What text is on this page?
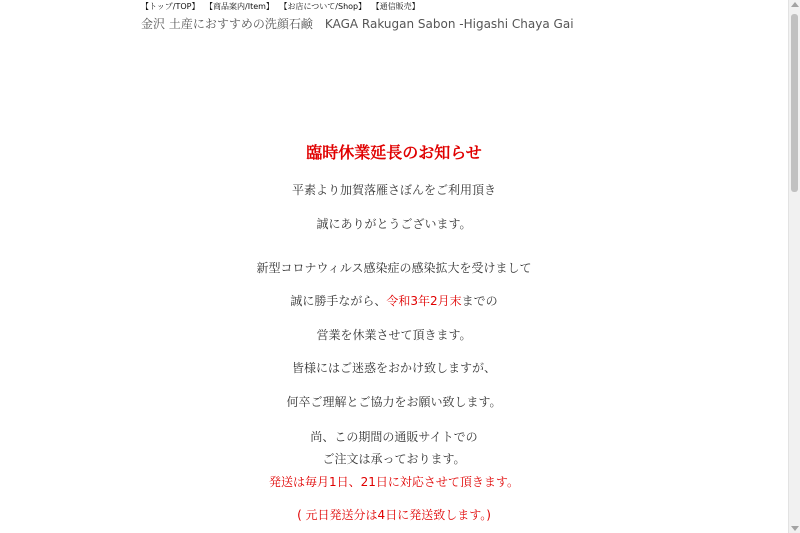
【トップ/TOP】 【商品案内/Item】 【お店について/Shop】 【通信販売】
金沢 土産におすすめの洗顔石鹸　KAGA Rakugan Sabon -Higashi Chaya Gai
臨時休業延長のお知らせ
平素より加賀落雁さぼんをご利用頂き
誠にありがとうございます。
新型コロナウィルス感染症の感染拡大を受けまして
誠に勝手ながら、令和3年2月末までの
営業を休業させて頂きます。
皆様にはご迷惑をおかけ致しますが、
何卒ご理解とご協力をお願い致します。
尚、この期間の通販サイトでの
ご注文は承っております。
発送は毎月1日、21日に対応させて頂きます。
( 元日発送分は4日に発送致します。)
